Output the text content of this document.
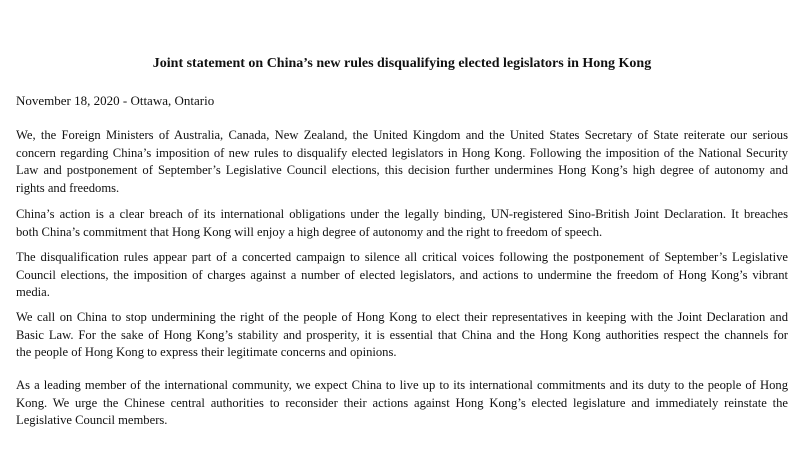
Joint statement on China’s new rules disqualifying elected legislators in Hong Kong
November 18, 2020 - Ottawa, Ontario
We, the Foreign Ministers of Australia, Canada, New Zealand, the United Kingdom and the United States Secretary of State reiterate our serious
concern regarding China’s imposition of new rules to disqualify elected legislators in Hong Kong. Following the imposition of the National Security
Law and postponement of September’s Legislative Council elections, this decision further undermines Hong Kong’s high degree of autonomy and
rights and freedoms.
China’s action is a clear breach of its international obligations under the legally binding, UN-registered Sino-British Joint Declaration. It breaches
both China’s commitment that Hong Kong will enjoy a high degree of autonomy and the right to freedom of speech.
The disqualification rules appear part of a concerted campaign to silence all critical voices following the postponement of September’s Legislative
Council elections, the imposition of charges against a number of elected legislators, and actions to undermine the freedom of Hong Kong’s vibrant
media.
We call on China to stop undermining the right of the people of Hong Kong to elect their representatives in keeping with the Joint Declaration and
Basic Law. For the sake of Hong Kong’s stability and prosperity, it is essential that China and the Hong Kong authorities respect the channels for
the people of Hong Kong to express their legitimate concerns and opinions.
As a leading member of the international community, we expect China to live up to its international commitments and its duty to the people of Hong
Kong. We urge the Chinese central authorities to reconsider their actions against Hong Kong’s elected legislature and immediately reinstate the
Legislative Council members.
